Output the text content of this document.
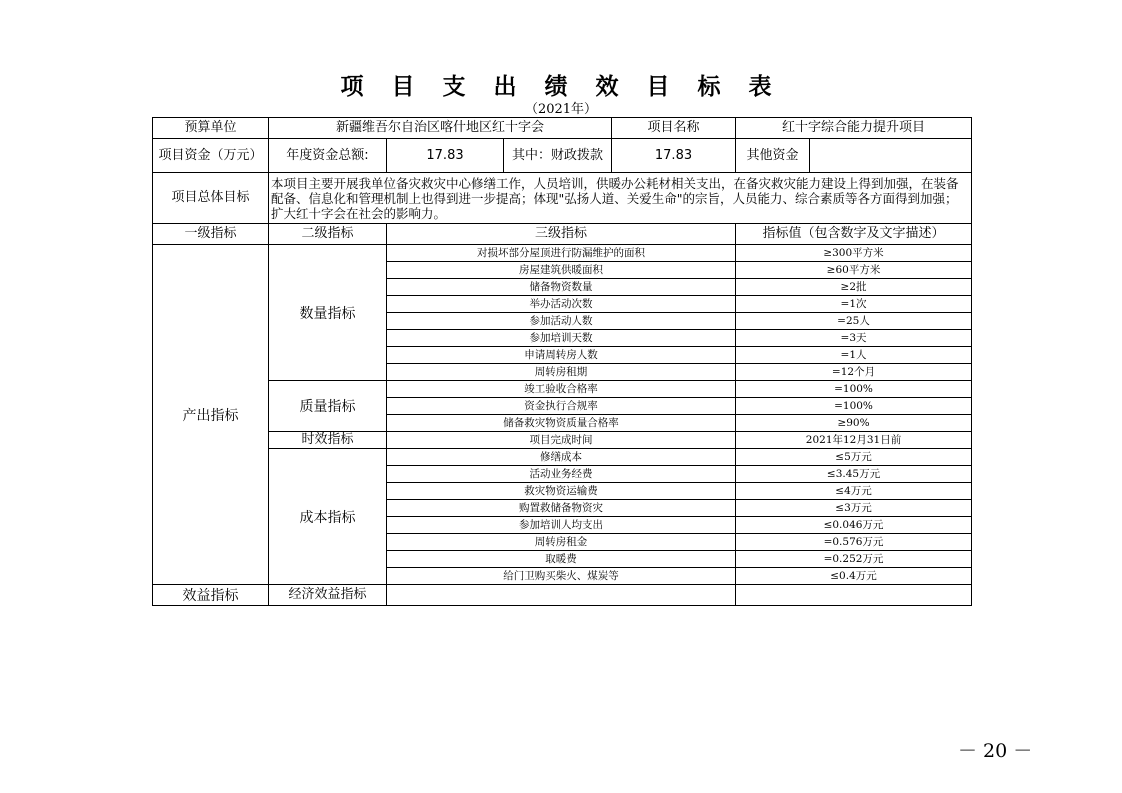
项 目 支 出 绩 效 目 标 表
（2021年）
预算单位	新疆维吾尔自治区喀什地区红十字会			项目名称	红十字综合能力提升项目	
项目资金（万元）	年度资金总额:	17.83	其中：财政拨款	17.83	其他资金	
项目总体目标	本项目主要开展我单位备灾救灾中心修缮工作，人员培训，供暖办公耗材相关支出，在备灾救灾能力建设上得到加强，在装备配备、信息化和管理机制上也得到进一步提高；体现"弘扬人道、关爱生命"的宗旨，人员能力、综合素质等各方面得到加强；扩大红十字会在社会的影响力。					
一级指标	二级指标	三级指标			指标值（包含数字及文字描述）	
产出指标	数量指标	对损坏部分屋顶进行防漏维护的面积			≥300平方米	
		房屋建筑供暖面积			≥60平方米	
		储备物资数量			≥2批	
		举办活动次数			=1次	
		参加活动人数			=25人	
		参加培训天数			=3天	
		申请周转房人数			=1人	
		周转房租期			=12个月	
	质量指标	竣工验收合格率			=100%	
		资金执行合规率			=100%	
		储备救灾物资质量合格率			≥90%	
	时效指标	项目完成时间			2021年12月31日前	
	成本指标	修缮成本			≤5万元	
		活动业务经费			≤3.45万元	
		救灾物资运输费			≤4万元	
		购置救储备物资灾			≤3万元	
		参加培训人均支出			≤0.046万元	
		周转房租金			=0.576万元	
		取暖费			=0.252万元	
		给门卫购买柴火、煤炭等			≤0.4万元	
效益指标	经济效益指标					
－ 20 －
